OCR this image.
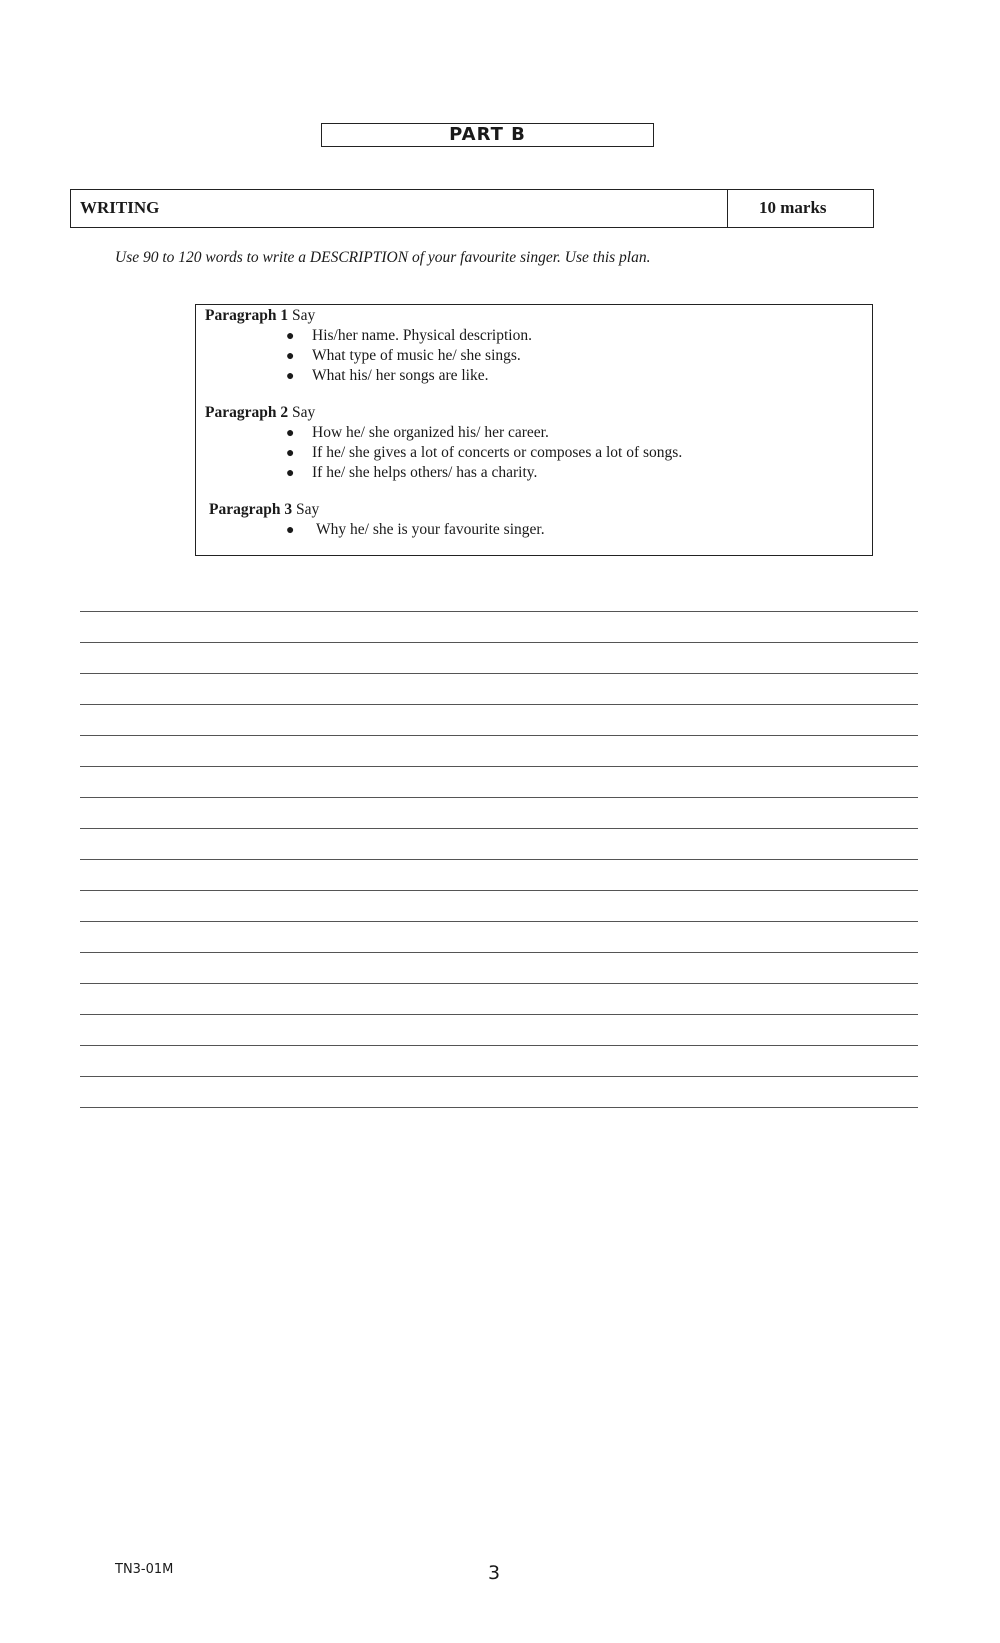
PART B
WRITING	10 marks
Use 90 to 120 words to write a DESCRIPTION of your favourite singer. Use this plan.
Paragraph 1 Say
● His/her name. Physical description.
● What type of music he/ she sings.
● What his/ her songs are like.
Paragraph 2 Say
● How he/ she organized his/ her career.
● If he/ she gives a lot of concerts or composes a lot of songs.
● If he/ she helps others/ has a charity.
Paragraph 3 Say
● Why he/ she is your favourite singer.
TN3-01M	3
